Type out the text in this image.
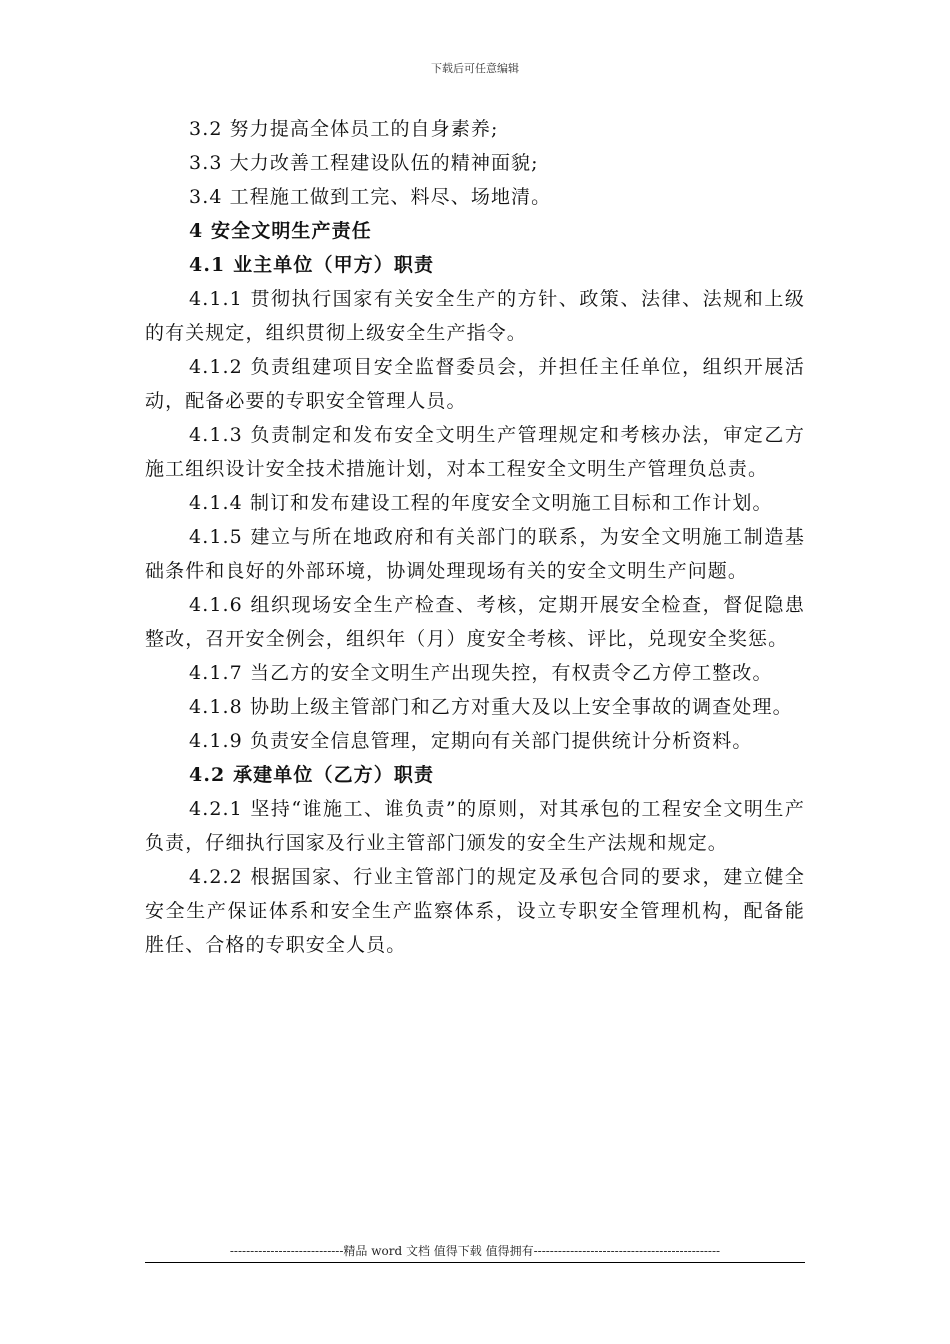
下载后可任意编辑

3.2 努力提高全体员工的自身素养;

3.3 大力改善工程建设队伍的精神面貌;

3.4 工程施工做到工完、料尽、场地清。

4 安全文明生产责任

4.1 业主单位（甲方）职责

4.1.1 贯彻执行国家有关安全生产的方针、政策、法律、法规和上级的有关规定，组织贯彻上级安全生产指令。

4.1.2 负责组建项目安全监督委员会，并担任主任单位，组织开展活动，配备必要的专职安全管理人员。

4.1.3 负责制定和发布安全文明生产管理规定和考核办法，审定乙方施工组织设计安全技术措施计划，对本工程安全文明生产管理负总责。

4.1.4 制订和发布建设工程的年度安全文明施工目标和工作计划。

4.1.5 建立与所在地政府和有关部门的联系，为安全文明施工制造基础条件和良好的外部环境，协调处理现场有关的安全文明生产问题。

4.1.6 组织现场安全生产检查、考核，定期开展安全检查，督促隐患整改，召开安全例会，组织年（月）度安全考核、评比，兑现安全奖惩。

4.1.7 当乙方的安全文明生产出现失控，有权责令乙方停工整改。

4.1.8 协助上级主管部门和乙方对重大及以上安全事故的调查处理。

4.1.9 负责安全信息管理，定期向有关部门提供统计分析资料。

4.2 承建单位（乙方）职责

4.2.1 坚持“谁施工、谁负责”的原则，对其承包的工程安全文明生产负责，仔细执行国家及行业主管部门颁发的安全生产法规和规定。

4.2.2 根据国家、行业主管部门的规定及承包合同的要求，建立健全安全生产保证体系和安全生产监察体系，设立专职安全管理机构，配备能胜任、合格的专职安全人员。

----------------------------精品 word 文档 值得下载 值得拥有----------------------------------------------
